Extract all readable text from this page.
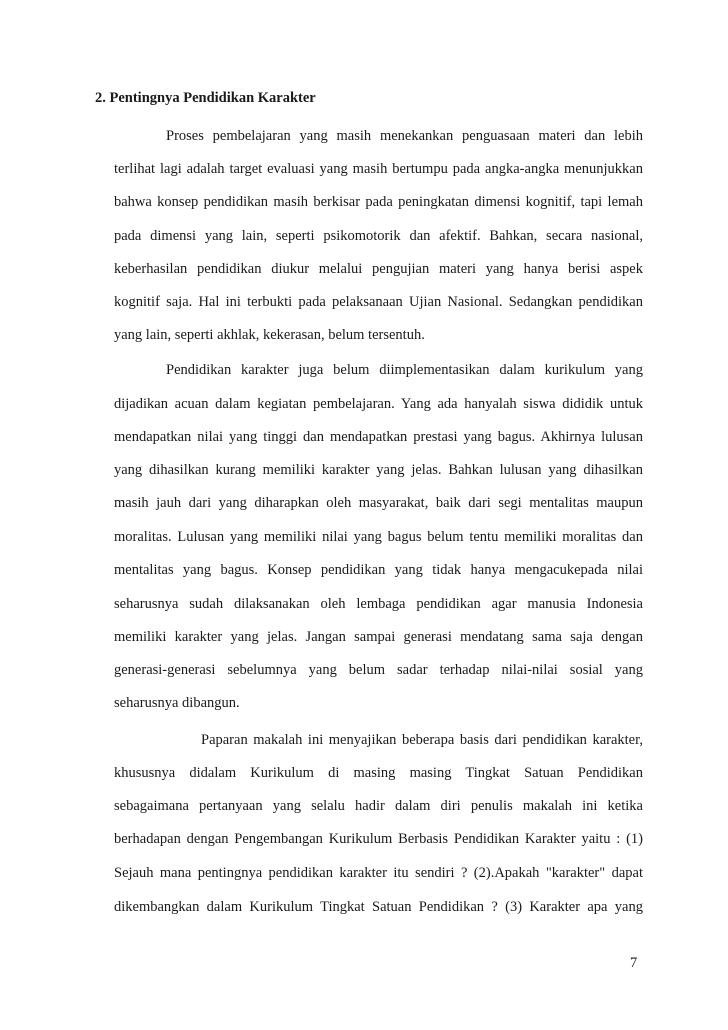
2. Pentingnya Pendidikan Karakter
Proses pembelajaran yang masih menekankan penguasaan materi dan lebih
terlihat lagi adalah target evaluasi yang masih bertumpu pada angka-angka menunjukkan
bahwa konsep pendidikan masih berkisar pada peningkatan dimensi kognitif, tapi lemah
pada dimensi yang lain, seperti psikomotorik dan afektif. Bahkan, secara nasional,
keberhasilan pendidikan diukur melalui pengujian materi yang hanya berisi aspek
kognitif saja. Hal ini terbukti pada pelaksanaan Ujian Nasional. Sedangkan pendidikan
yang lain, seperti akhlak, kekerasan, belum tersentuh.
Pendidikan karakter juga belum diimplementasikan dalam kurikulum yang
dijadikan acuan dalam kegiatan pembelajaran. Yang ada hanyalah siswa dididik untuk
mendapatkan nilai yang tinggi dan mendapatkan prestasi yang bagus. Akhirnya lulusan
yang dihasilkan kurang memiliki karakter yang jelas. Bahkan lulusan yang dihasilkan
masih jauh dari yang diharapkan oleh masyarakat, baik dari segi mentalitas maupun
moralitas. Lulusan yang memiliki nilai yang bagus belum tentu memiliki moralitas dan
mentalitas yang bagus. Konsep pendidikan yang tidak hanya mengacukepada nilai
seharusnya sudah dilaksanakan oleh lembaga pendidikan agar manusia Indonesia
memiliki karakter yang jelas. Jangan sampai generasi mendatang sama saja dengan
generasi-generasi sebelumnya yang belum sadar terhadap nilai-nilai sosial yang
seharusnya dibangun.
Paparan makalah ini menyajikan beberapa basis dari pendidikan karakter,
khususnya didalam Kurikulum di masing masing Tingkat Satuan Pendidikan
sebagaimana pertanyaan yang selalu hadir dalam diri penulis makalah ini ketika
berhadapan dengan Pengembangan Kurikulum Berbasis Pendidikan Karakter yaitu : (1)
Sejauh mana pentingnya pendidikan karakter itu sendiri ? (2).Apakah "karakter" dapat
dikembangkan dalam Kurikulum Tingkat Satuan Pendidikan ? (3) Karakter apa yang
7
